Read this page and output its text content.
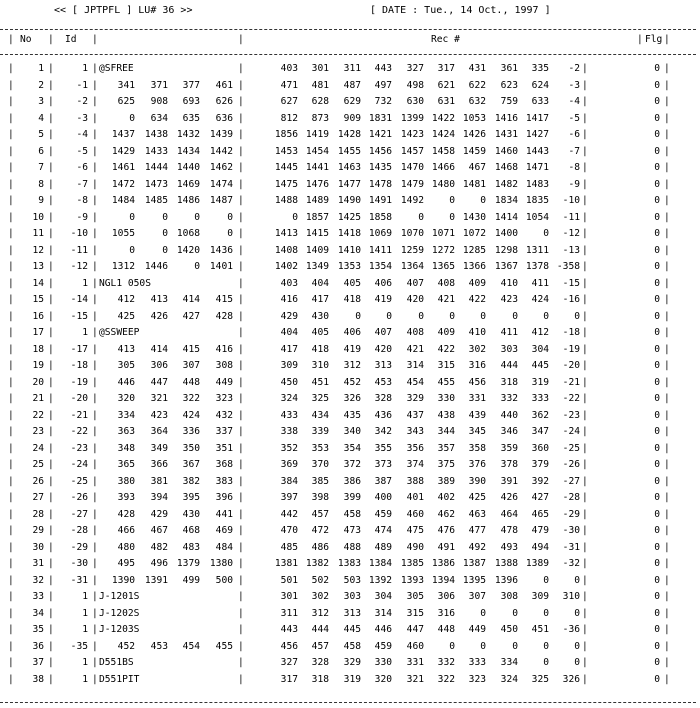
<< [ JPTPFL ] LU# 36 >>	[ DATE : Tue., 14 Oct., 1997 ]
| No | Id |	|	Rec #	| Flg |
|	1 |	1 | @SFREE	|	403 301 311 443 327 317 431 361 335 -2 |	0 |
|	2 | -1 | 341 371 377 461 |	471 481 487 497 498 621 622 623 624 -3 |	0 |
|	3 | -2 | 625 908 693 626 |	627 628 629 732 630 631 632 759 633 -4 |	0 |
|	4 | -3 |	0 634 635 636 |	812 873 909 1831 1399 1422 1053 1416 1417 -5 |	0 |
|	5 | -4 | 1437 1438 1432 1439 |	1856 1419 1428 1421 1423 1424 1426 1431 1427 -6 |	0 |
|	6 | -5 | 1429 1433 1434 1442 |	1453 1454 1455 1456 1457 1458 1459 1460 1443 -7 |	0 |
|	7 | -6 | 1461 1444 1440 1462 |	1445 1441 1463 1435 1470 1466 467 1468 1471 -8 |	0 |
|	8 | -7 | 1472 1473 1469 1474 |	1475 1476 1477 1478 1479 1480 1481 1482 1483 -9 |	0 |
|	9 | -8 | 1484 1485 1486 1487 |	1488 1489 1490 1491 1492	0	0 1834 1835 -10 |	0 |
| 10 | -9 |	0	0	0	0 |	0 1857 1425 1858	0	0 1430 1414 1054 -11 |	0 |
| 11 | -10 | 1055	0 1068	0 |	1413 1415 1418 1069 1070 1071 1072 1400	0 -12 |	0 |
| 12 | -11 |	0	0 1420 1436 |	1408 1409 1410 1411 1259 1272 1285 1298 1311 -13 |	0 |
| 13 | -12 | 1312 1446	0 1401 |	1402 1349 1353 1354 1364 1365 1366 1367 1378 -358 |	0 |
| 14 |	1 | NGL1 050S	|	403 404 405 406 407 408 409 410 411 -15 |	0 |
| 15 | -14 | 412 413 414 415 |	416 417 418 419 420 421 422 423 424 -16 |	0 |
| 16 | -15 | 425 426 427 428 |	429 430	0	0	0	0	0	0	0	0 |	0 |
| 17 |	1 | @SSWEEP	|	404 405 406 407 408 409 410 411 412 -18 |	0 |
| 18 | -17 | 413 414 415 416 |	417 418 419 420 421 422 302 303 304 -19 |	0 |
| 19 | -18 | 305 306 307 308 |	309 310 312 313 314 315 316 444 445 -20 |	0 |
| 20 | -19 | 446 447 448 449 |	450 451 452 453 454 455 456 318 319 -21 |	0 |
| 21 | -20 | 320 321 322 323 |	324 325 326 328 329 330 331 332 333 -22 |	0 |
| 22 | -21 | 334 423 424 432 |	433 434 435 436 437 438 439 440 362 -23 |	0 |
| 23 | -22 | 363 364 336 337 |	338 339 340 342 343 344 345 346 347 -24 |	0 |
| 24 | -23 | 348 349 350 351 |	352 353 354 355 356 357 358 359 360 -25 |	0 |
| 25 | -24 | 365 366 367 368 |	369 370 372 373 374 375 376 378 379 -26 |	0 |
| 26 | -25 | 380 381 382 383 |	384 385 386 387 388 389 390 391 392 -27 |	0 |
| 27 | -26 | 393 394 395 396 |	397 398 399 400 401 402 425 426 427 -28 |	0 |
| 28 | -27 | 428 429 430 441 |	442 457 458 459 460 462 463 464 465 -29 |	0 |
| 29 | -28 | 466 467 468 469 |	470 472 473 474 475 476 477 478 479 -30 |	0 |
| 30 | -29 | 480 482 483 484 |	485 486 488 489 490 491 492 493 494 -31 |	0 |
| 31 | -30 | 495 496 1379 1380 |	1381 1382 1383 1384 1385 1386 1387 1388 1389 -32 |	0 |
| 32 | -31 | 1390 1391 499 500 |	501 502 503 1392 1393 1394 1395 1396	0	0 |	0 |
| 33 |	1 | J-1201S	|	301 302 303 304 305 306 307 308 309 310 |	0 |
| 34 |	1 | J-1202S	|	311 312 313 314 315 316	0	0	0	0 |	0 |
| 35 |	1 | J-1203S	|	443 444 445 446 447 448 449 450 451 -36 |	0 |
| 36 | -35 | 452 453 454 455 |	456 457 458 459 460	0	0	0	0	0 |	0 |
| 37 |	1 | D551BS	|	327 328 329 330 331 332 333 334	0	0 |	0 |
| 38 |	1 | D551PIT	|	317 318 319 320 321 322 323 324 325 326 |	0 |
